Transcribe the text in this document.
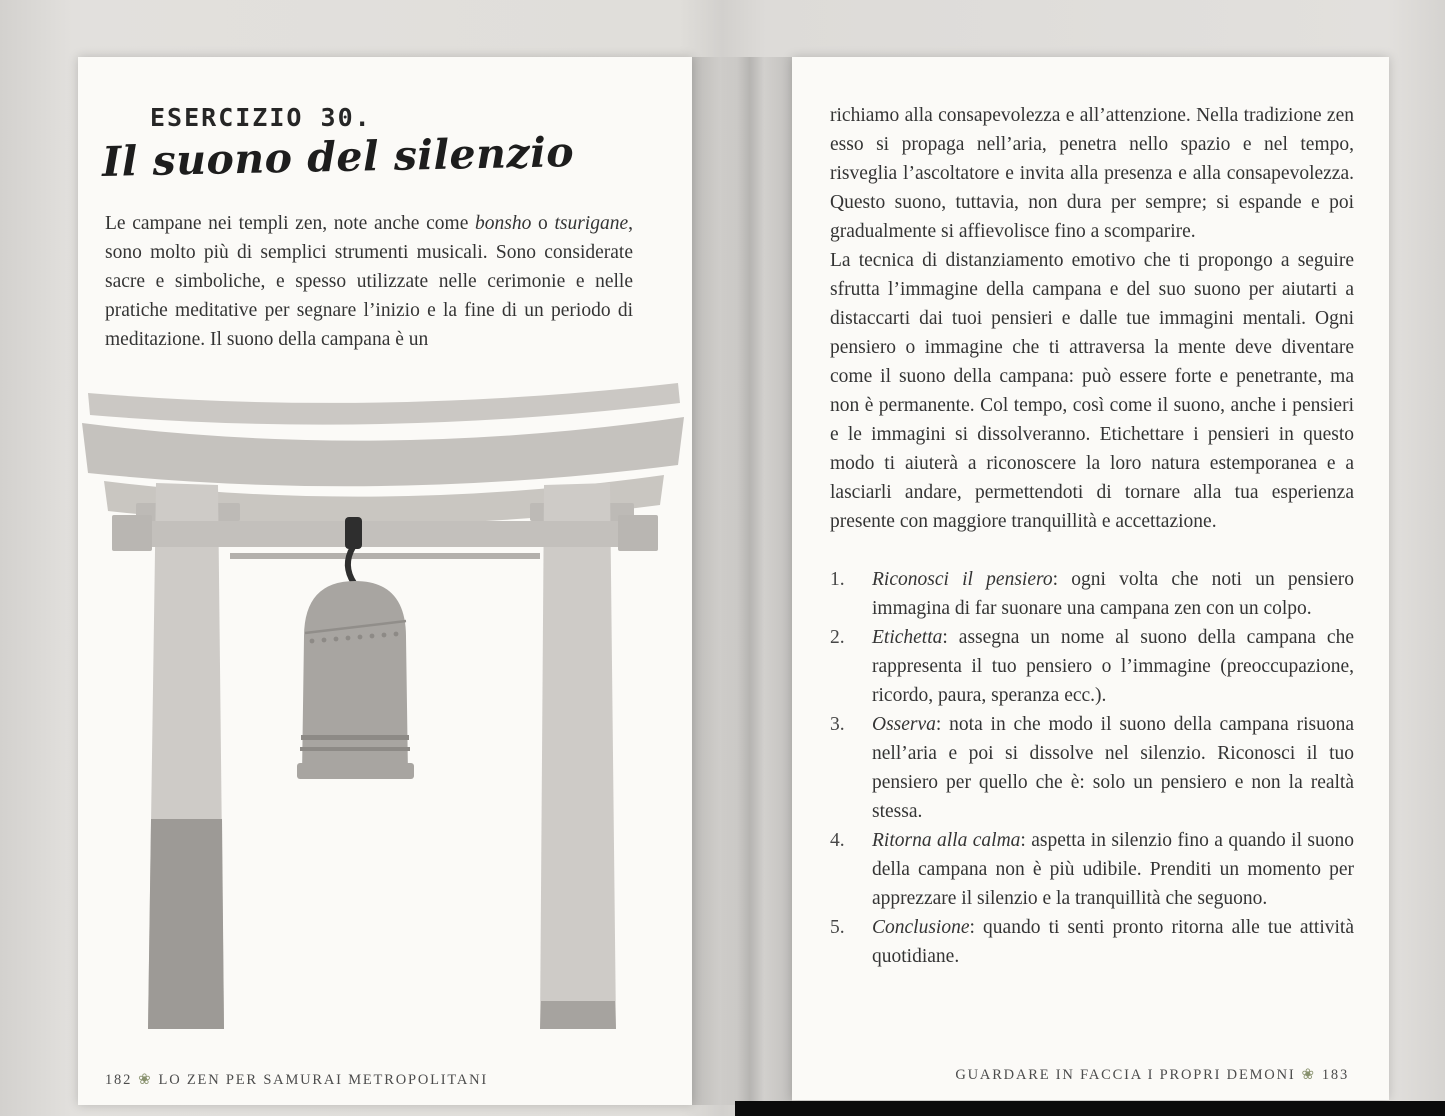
ESERCIZIO 30.
Il suono del silenzio

Le campane nei templi zen, note anche come bonsho o tsurigane, sono molto più di semplici strumenti musicali. Sono considerate sacre e simboliche, e spesso utilizzate nelle cerimonie e nelle pratiche meditative per segnare l’inizio e la fine di un periodo di meditazione. Il suono della campana è un

182 ❀ LO ZEN PER SAMURAI METROPOLITANI

richiamo alla consapevolezza e all’attenzione. Nella tradizione zen esso si propaga nell’aria, penetra nello spazio e nel tempo, risveglia l’ascoltatore e invita alla presenza e alla consapevolezza. Questo suono, tuttavia, non dura per sempre; si espande e poi gradualmente si affievolisce fino a scomparire.

La tecnica di distanziamento emotivo che ti propongo a seguire sfrutta l’immagine della campana e del suo suono per aiutarti a distaccarti dai tuoi pensieri e dalle tue immagini mentali. Ogni pensiero o immagine che ti attraversa la mente deve diventare come il suono della campana: può essere forte e penetrante, ma non è permanente. Col tempo, così come il suono, anche i pensieri e le immagini si dissolveranno. Etichettare i pensieri in questo modo ti aiuterà a riconoscere la loro natura estemporanea e a lasciarli andare, permettendoti di tornare alla tua esperienza presente con maggiore tranquillità e accettazione.

1.	Riconosci il pensiero: ogni volta che noti un pensiero immagina di far suonare una campana zen con un colpo.

2.	Etichetta: assegna un nome al suono della campana che rappresenta il tuo pensiero o l’immagine (preoccupazione, ricordo, paura, speranza ecc.).

3.	Osserva: nota in che modo il suono della campana risuona nell’aria e poi si dissolve nel silenzio. Riconosci il tuo pensiero per quello che è: solo un pensiero e non la realtà stessa.

4.	Ritorna alla calma: aspetta in silenzio fino a quando il suono della campana non è più udibile. Prenditi un momento per apprezzare il silenzio e la tranquillità che seguono.

5.	Conclusione: quando ti senti pronto ritorna alle tue attività quotidiane.

GUARDARE IN FACCIA I PROPRI DEMONI ❀ 183
